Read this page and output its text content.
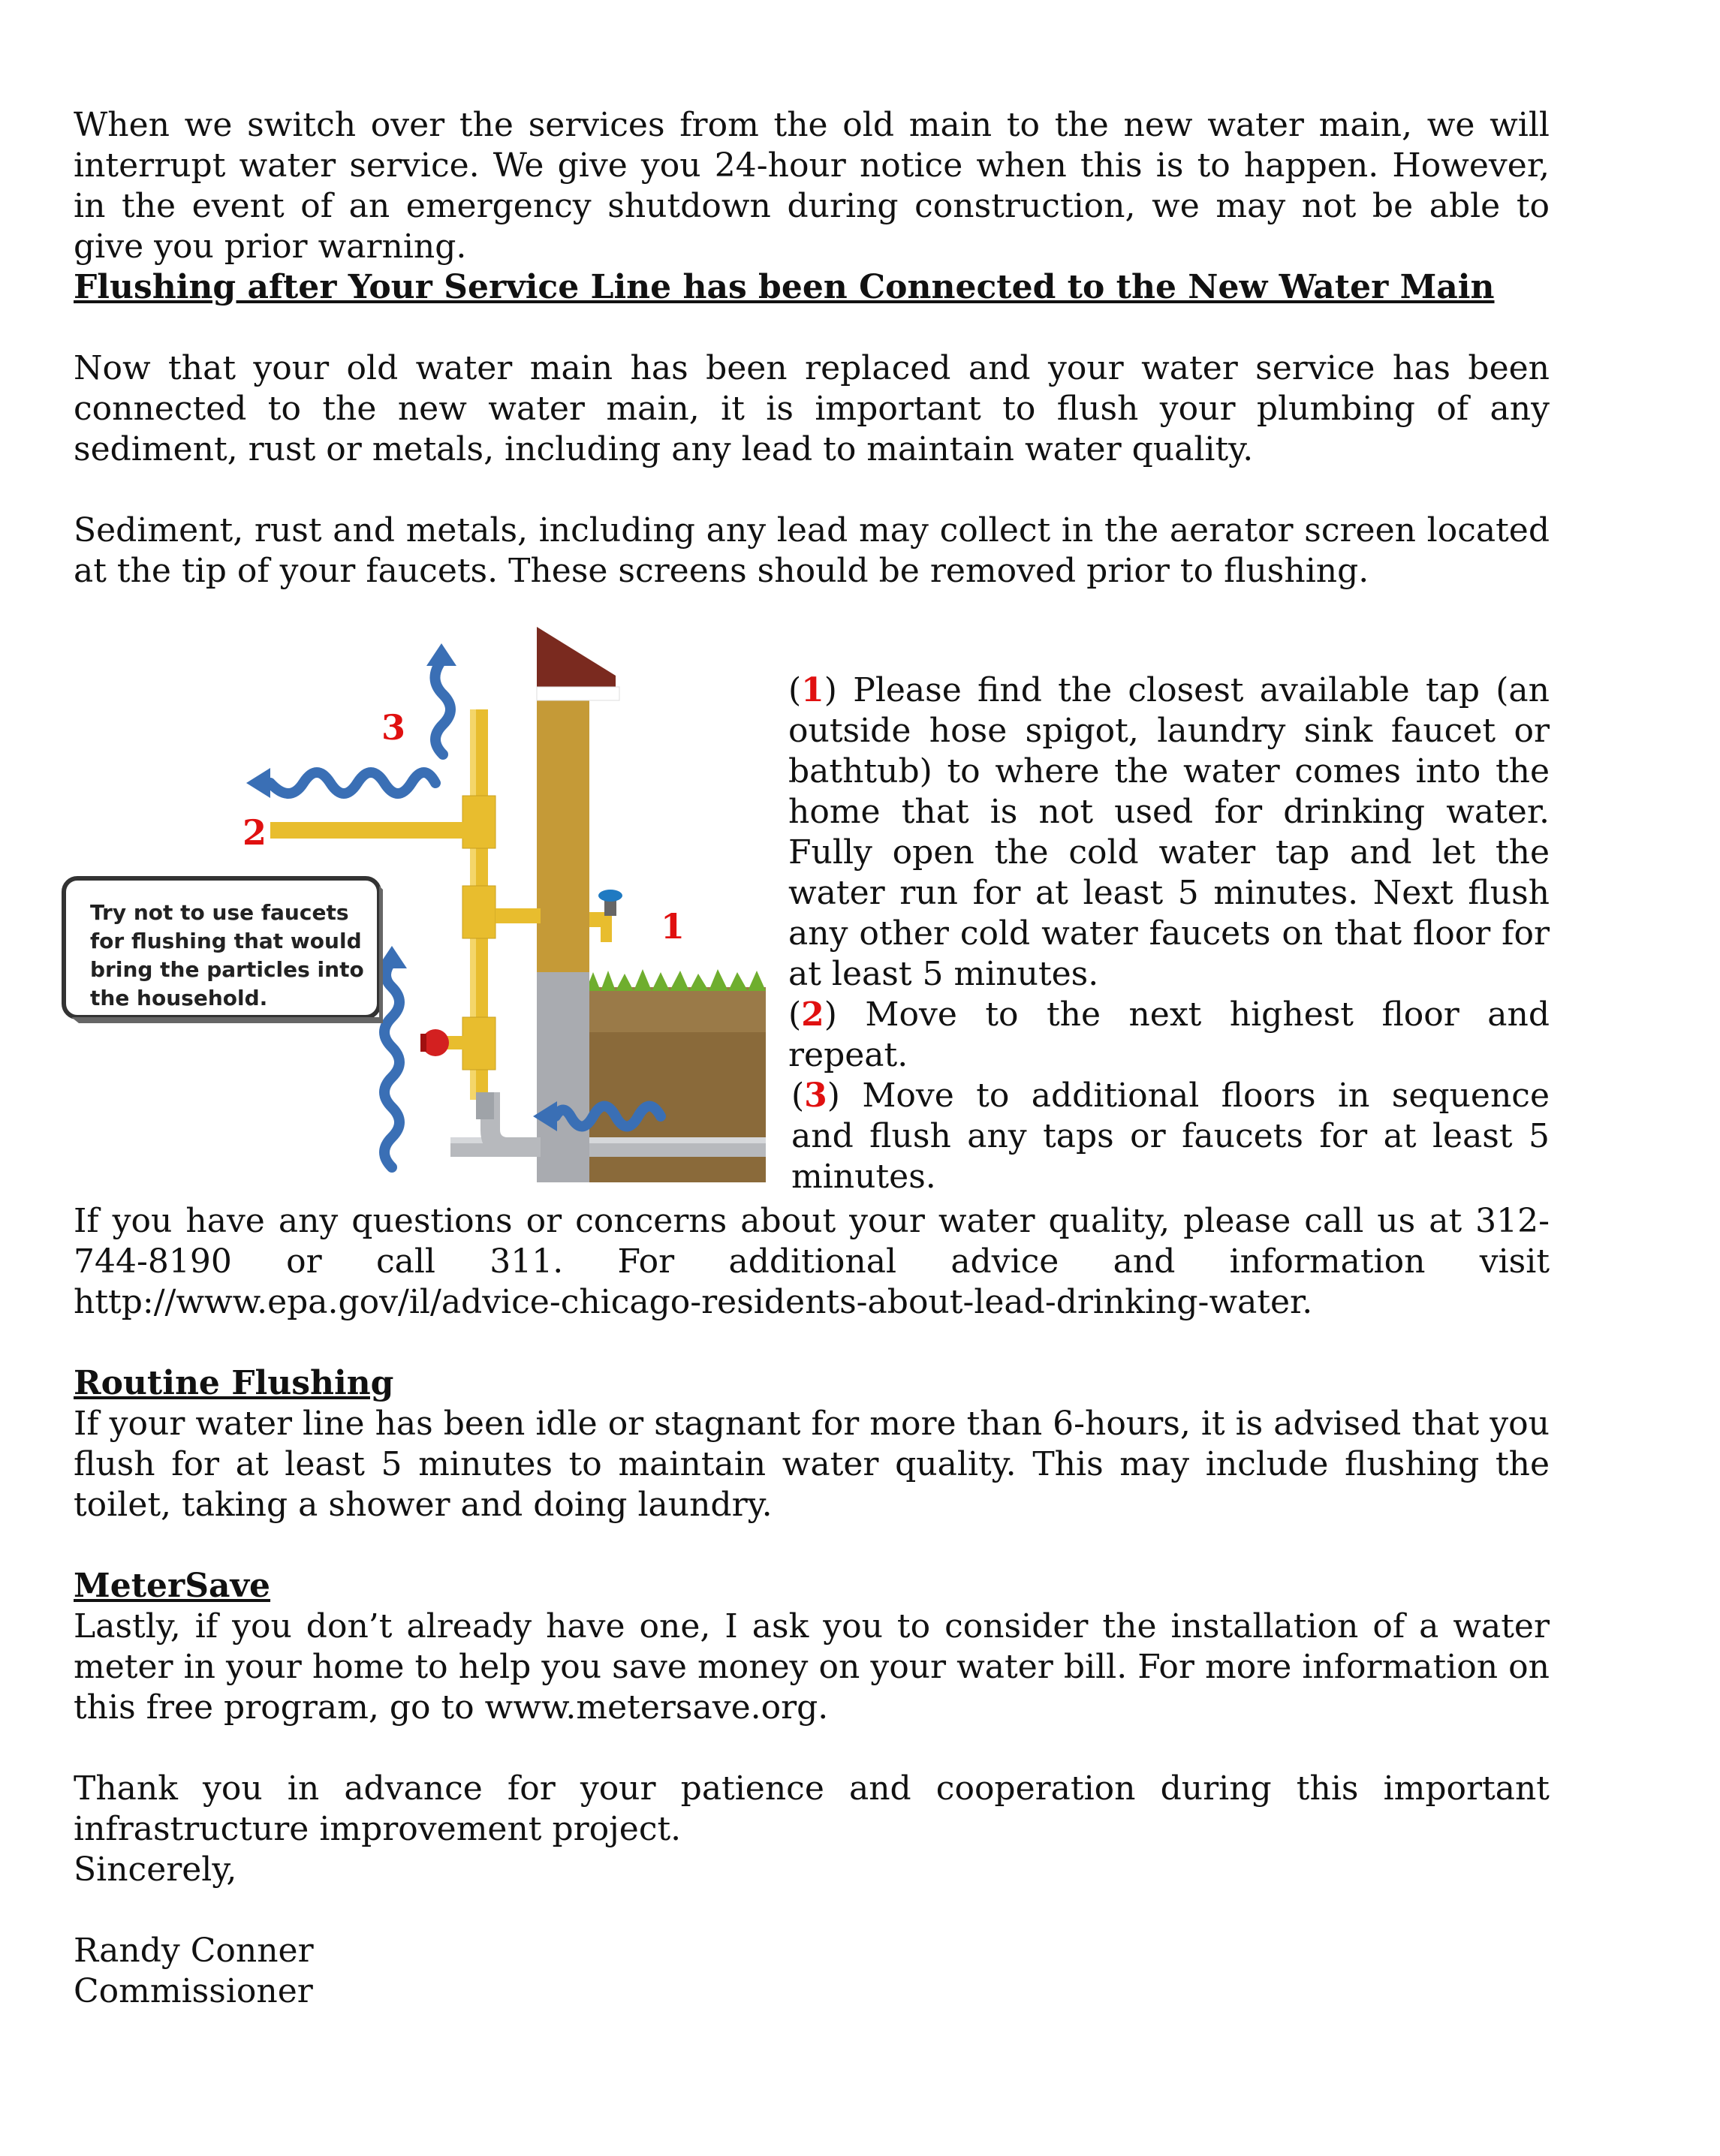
When we switch over the services from the old main to the new water main, we will interrupt water service. We give you 24-hour notice when this is to happen. However, in the event of an emergency shutdown during construction, we may not be able to give you prior warning.

Flushing after Your Service Line has been Connected to the New Water Main

Now that your old water main has been replaced and your water service has been connected to the new water main, it is important to flush your plumbing of any sediment, rust or metals, including any lead to maintain water quality.

Sediment, rust and metals, including any lead may collect in the aerator screen located at the tip of your faucets. These screens should be removed prior to flushing.

Try not to use faucets
for flushing that would
bring the particles into
the household.
3
2
1

(1) Please find the closest available tap (an outside hose spigot, laundry sink faucet or bathtub) to where the water comes into the home that is not used for drinking water. Fully open the cold water tap and let the water run for at least 5 minutes. Next flush any other cold water faucets on that floor for at least 5 minutes.

(2) Move to the next highest floor and repeat.

(3) Move to additional floors in sequence and flush any taps or faucets for at least 5 minutes.

If you have any questions or concerns about your water quality, please call us at 312-744-8190 or call 311. For additional advice and information visit http://www.epa.gov/il/advice-chicago-residents-about-lead-drinking-water.

Routine Flushing

If your water line has been idle or stagnant for more than 6-hours, it is advised that you flush for at least 5 minutes to maintain water quality. This may include flushing the toilet, taking a shower and doing laundry.

MeterSave

Lastly, if you don’t already have one, I ask you to consider the installation of a water meter in your home to help you save money on your water bill. For more information on this free program, go to www.metersave.org.

Thank you in advance for your patience and cooperation during this important infrastructure improvement project.

Sincerely,

Randy Conner

Commissioner
